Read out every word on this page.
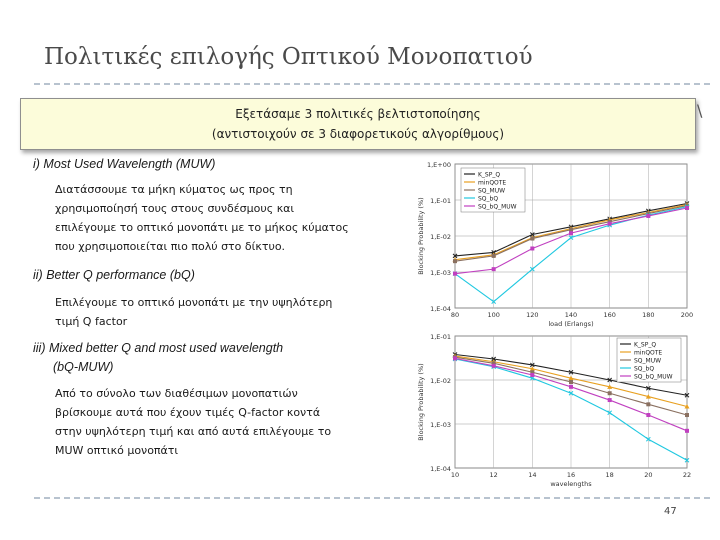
Πολιτικές επιλογής Οπτικού Μονοπατιού
Εξετάσαμε 3 πολιτικές βελτιστοποίησης
(αντιστοιχούν σε 3 διαφορετικούς αλγορίθμους)
\
i) Most Used Wavelength (MUW)
Διατάσσουμε τα μήκη κύματος ως προς τη
χρησιμοποίησή τους στους συνδέσμους και
επιλέγουμε το οπτικό μονοπάτι με το μήκος κύματος
που χρησιμοποιείται πιο πολύ στο δίκτυο.
ii) Better Q performance (bQ)
Επιλέγουμε το οπτικό μονοπάτι με την υψηλότερη
τιμή Q factor
iii) Mixed better Q and most used wavelength
(bQ-MUW)
Από το σύνολο των διαθέσιμων μονοπατιών
βρίσκουμε αυτά που έχουν τιμές Q-factor κοντά
στην υψηλότερη τιμή και από αυτά επιλέγουμε το
MUW οπτικό μονοπάτι
1,E+00
1,E-01
1,E-02
1,E-03
1,E-04
80	100	120	140	160	180	200
load (Erlangs)
Blocking Probability (%)
K_SP_Q
minQOTE
SQ_MUW
SQ_bQ
SQ_bQ_MUW
1,E-01
1,E-02
1,E-03
1,E-04
10	12	14	16	18	20	22
wavelengths
Blocking Probability (%)
K_SP_Q
minQOTE
SQ_MUW
SQ_bQ
SQ_bQ_MUW
47
